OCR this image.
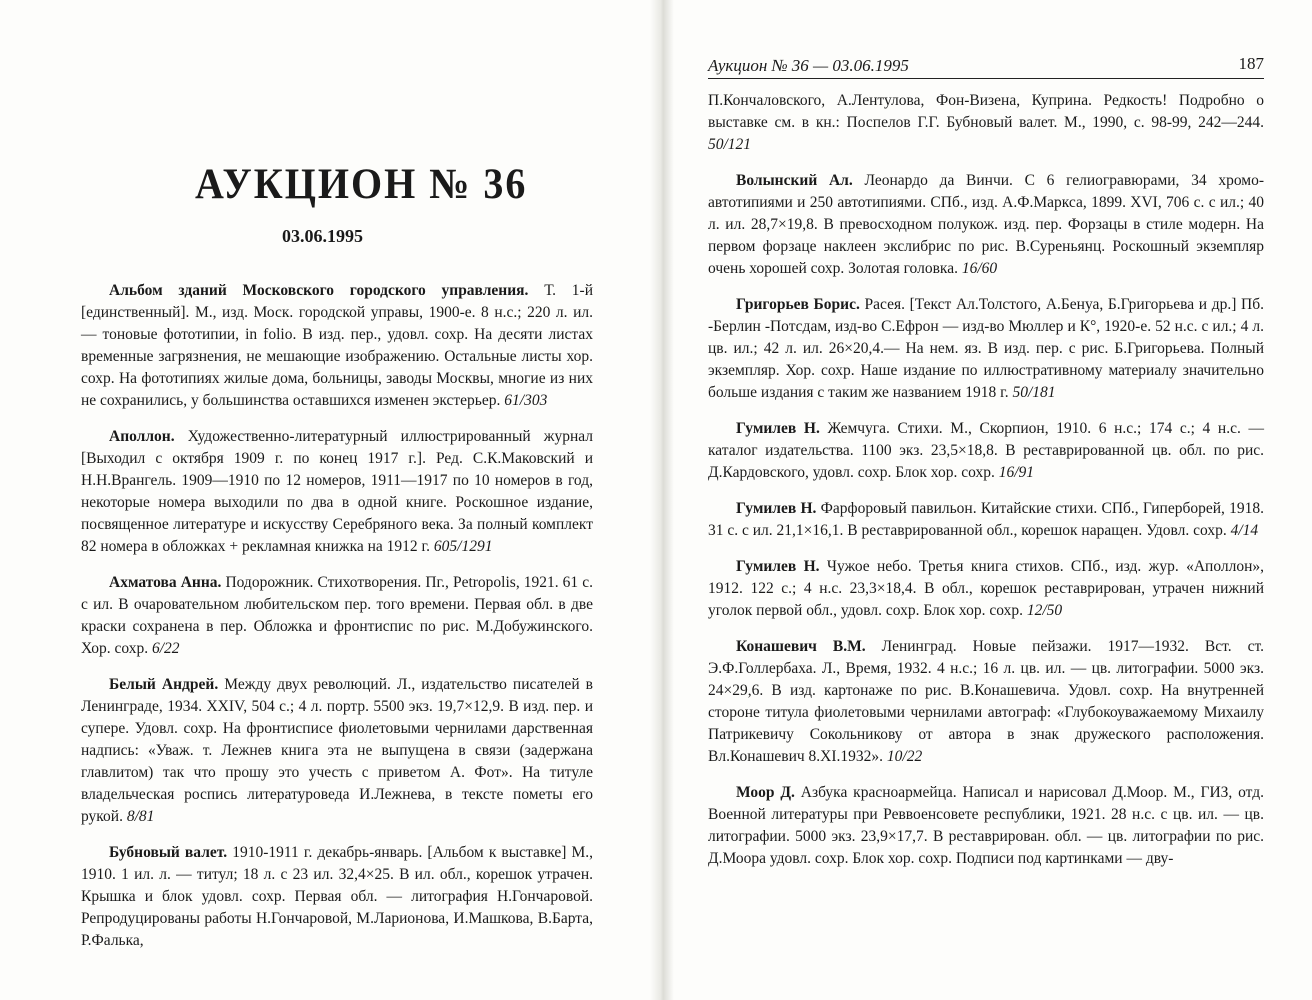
АУКЦИОН № 36
03.06.1995

Альбом зданий Московского городского управления. Т. 1-й [единственный]. М., изд. Моск. городской управы, 1900-е. 8 н.с.; 220 л. ил. — тоновые фототипии, in folio. В изд. пер., удовл. сохр. На десяти листах временные загрязнения, не мешающие изображению. Остальные листы хор. сохр. На фототипиях жилые дома, больницы, заводы Москвы, многие из них не сохранились, у большинства оставшихся изменен экстерьер. 61/303

Аполлон. Художественно-литературный иллюстрированный журнал [Выходил с октября 1909 г. по конец 1917 г.]. Ред. С.К.Маковский и Н.Н.Врангель. 1909—1910 по 12 номеров, 1911—1917 по 10 номеров в год, некоторые номера выходили по два в одной книге. Роскошное издание, посвященное литературе и искусству Серебряного века. За полный комплект 82 номера в обложках + рекламная книжка на 1912 г. 605/1291

Ахматова Анна. Подорожник. Стихотворения. Пг., Petropolis, 1921. 61 с. с ил. В очаровательном любительском пер. того времени. Первая обл. в две краски сохранена в пер. Обложка и фронтиспис по рис. М.Добужинского. Хор. сохр. 6/22

Белый Андрей. Между двух революций. Л., издательство писателей в Ленинграде, 1934. XXIV, 504 с.; 4 л. портр. 5500 экз. 19,7×12,9. В изд. пер. и супере. Удовл. сохр. На фронтисписе фиолетовыми чернилами дарственная надпись: «Уваж. т. Лежнев книга эта не выпущена в связи (задержана главлитом) так что прошу это учесть с приветом А. Фот». На титуле владельческая роспись литературоведа И.Лежнева, в тексте пометы его рукой. 8/81

Бубновый валет. 1910-1911 г. декабрь-январь. [Альбом к выставке] М., 1910. 1 ил. л. — титул; 18 л. с 23 ил. 32,4×25. В ил. обл., корешок утрачен. Крышка и блок удовл. сохр. Первая обл. — литография Н.Гончаровой. Репродуцированы работы Н.Гончаровой, М.Ларионова, И.Машкова, В.Барта, Р.Фалька,

Аукцион № 36 — 03.06.1995	187

П.Кончаловского, А.Лентулова, Фон-Визена, Куприна. Редкость! Подробно о выставке см. в кн.: Поспелов Г.Г. Бубновый валет. М., 1990, с. 98-99, 242—244. 50/121

Волынский Ал. Леонардо да Винчи. С 6 гелиогравюрами, 34 хромо-автотипиями и 250 автотипиями. СПб., изд. А.Ф.Маркса, 1899. XVI, 706 с. с ил.; 40 л. ил. 28,7×19,8. В превосходном полукож. изд. пер. Форзацы в стиле модерн. На первом форзаце наклеен экслибрис по рис. В.Суреньянц. Роскошный экземпляр очень хорошей сохр. Золотая головка. 16/60

Григорьев Борис. Расея. [Текст Ал.Толстого, А.Бенуа, Б.Григорьева и др.] Пб. -Берлин -Потсдам, изд-во С.Ефрон — изд-во Мюллер и К°, 1920-е. 52 н.с. с ил.; 4 л. цв. ил.; 42 л. ил. 26×20,4.— На нем. яз. В изд. пер. с рис. Б.Григорьева. Полный экземпляр. Хор. сохр. Наше издание по иллюстративному материалу значительно больше издания с таким же названием 1918 г. 50/181

Гумилев Н. Жемчуга. Стихи. М., Скорпион, 1910. 6 н.с.; 174 с.; 4 н.с. — каталог издательства. 1100 экз. 23,5×18,8. В реставрированной цв. обл. по рис. Д.Кардовского, удовл. сохр. Блок хор. сохр. 16/91

Гумилев Н. Фарфоровый павильон. Китайские стихи. СПб., Гиперборей, 1918. 31 с. с ил. 21,1×16,1. В реставрированной обл., корешок наращен. Удовл. сохр. 4/14

Гумилев Н. Чужое небо. Третья книга стихов. СПб., изд. жур. «Аполлон», 1912. 122 с.; 4 н.с. 23,3×18,4. В обл., корешок реставрирован, утрачен нижний уголок первой обл., удовл. сохр. Блок хор. сохр. 12/50

Конашевич В.М. Ленинград. Новые пейзажи. 1917—1932. Вст. ст. Э.Ф.Голлербаха. Л., Время, 1932. 4 н.с.; 16 л. цв. ил. — цв. литографии. 5000 экз. 24×29,6. В изд. картонаже по рис. В.Конашевича. Удовл. сохр. На внутренней стороне титула фиолетовыми чернилами автограф: «Глубокоуважаемому Михаилу Патрикевичу Сокольникову от автора в знак дружеского расположения. Вл.Конашевич 8.XI.1932». 10/22

Моор Д. Азбука красноармейца. Написал и нарисовал Д.Моор. М., ГИЗ, отд. Военной литературы при Реввоенсовете республики, 1921. 28 н.с. с цв. ил. — цв. литографии. 5000 экз. 23,9×17,7. В реставрирован. обл. — цв. литографии по рис. Д.Моора удовл. сохр. Блок хор. сохр. Подписи под картинками — дву-
